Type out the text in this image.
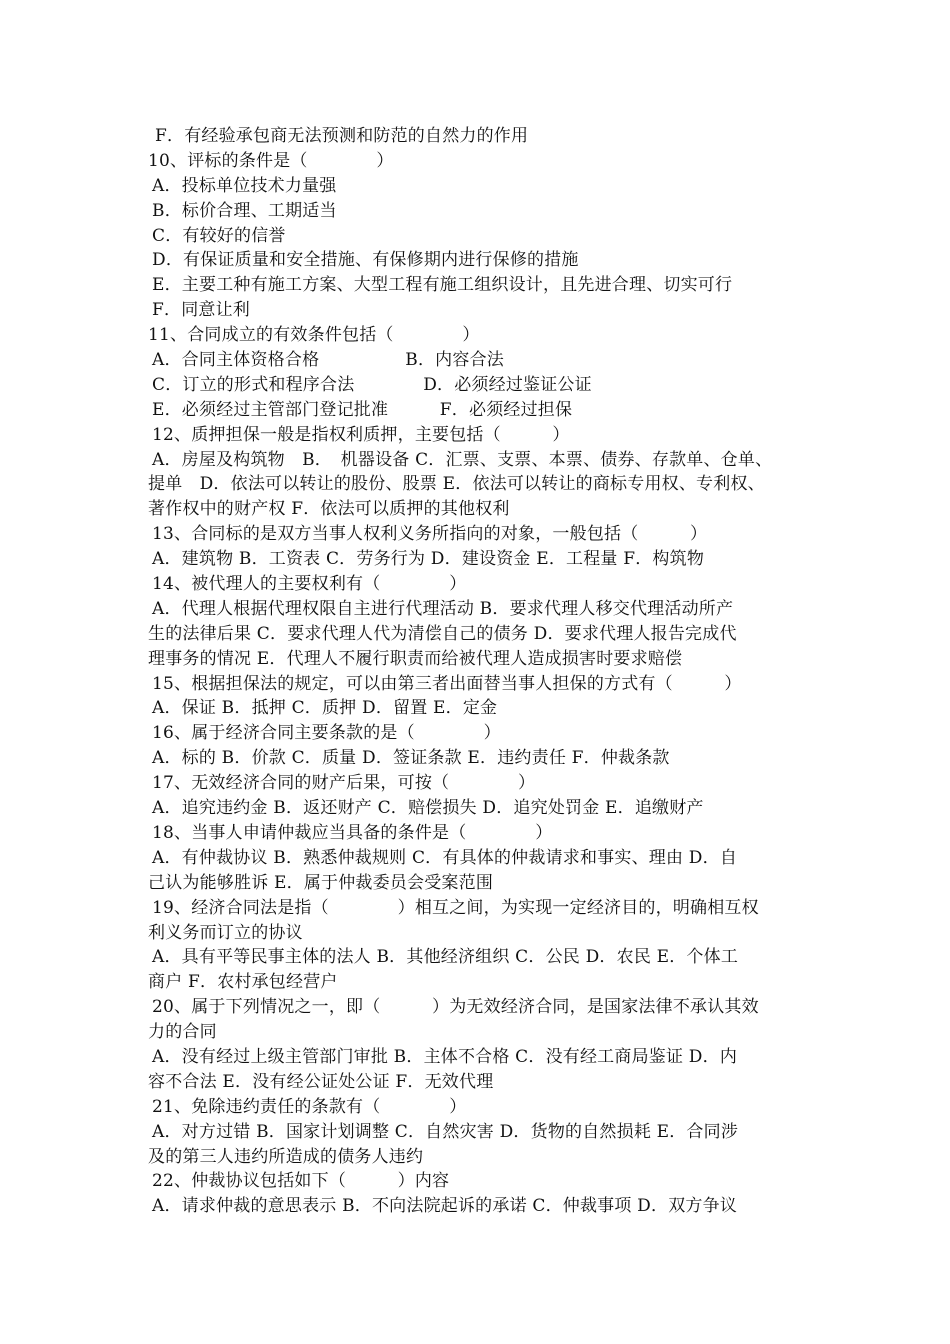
F．有经验承包商无法预测和防范的自然力的作用
10、评标的条件是（　　　　）
A．投标单位技术力量强
B．标价合理、工期适当
C．有较好的信誉
D．有保证质量和安全措施、有保修期内进行保修的措施
E．主要工种有施工方案、大型工程有施工组织设计，且先进合理、切实可行
F．同意让利
11、合同成立的有效条件包括（　　　　）
A．合同主体资格合格　　　　　B．内容合法
C．订立的形式和程序合法　　　　D．必须经过鉴证公证
E．必须经过主管部门登记批准　　　F．必须经过担保
12、质押担保一般是指权利质押，主要包括（　　　）
A．房屋及构筑物　B．　机器设备 C．汇票、支票、本票、债券、存款单、仓单、
提单　D．依法可以转让的股份、股票 E．依法可以转让的商标专用权、专利权、
著作权中的财产权 F．依法可以质押的其他权利
13、合同标的是双方当事人权利义务所指向的对象，一般包括（　　　）
A．建筑物 B．工资表 C．劳务行为 D．建设资金 E．工程量 F．构筑物
14、被代理人的主要权利有（　　　　）
A．代理人根据代理权限自主进行代理活动 B．要求代理人移交代理活动所产
生的法律后果 C．要求代理人代为清偿自己的债务 D．要求代理人报告完成代
理事务的情况 E．代理人不履行职责而给被代理人造成损害时要求赔偿
15、根据担保法的规定，可以由第三者出面替当事人担保的方式有（　　　）
A．保证 B．抵押 C．质押 D．留置 E．定金
16、属于经济合同主要条款的是（　　　　）
A．标的 B．价款 C．质量 D．签证条款 E．违约责任 F．仲裁条款
17、无效经济合同的财产后果，可按（　　　　）
A．追究违约金 B．返还财产 C．赔偿损失 D．追究处罚金 E．追缴财产
18、当事人申请仲裁应当具备的条件是（　　　　）
A．有仲裁协议 B．熟悉仲裁规则 C．有具体的仲裁请求和事实、理由 D．自
己认为能够胜诉 E．属于仲裁委员会受案范围
19、经济合同法是指（　　　　）相互之间，为实现一定经济目的，明确相互权
利义务而订立的协议
A．具有平等民事主体的法人 B．其他经济组织 C．公民 D．农民 E．个体工
商户 F．农村承包经营户
20、属于下列情况之一，即（　　　）为无效经济合同，是国家法律不承认其效
力的合同
A．没有经过上级主管部门审批 B．主体不合格 C．没有经工商局鉴证 D．内
容不合法 E．没有经公证处公证 F．无效代理
21、免除违约责任的条款有（　　　　）
A．对方过错 B．国家计划调整 C．自然灾害 D．货物的自然损耗 E．合同涉
及的第三人违约所造成的债务人违约
22、仲裁协议包括如下（　　　）内容
A．请求仲裁的意思表示 B．不向法院起诉的承诺 C．仲裁事项 D．双方争议
